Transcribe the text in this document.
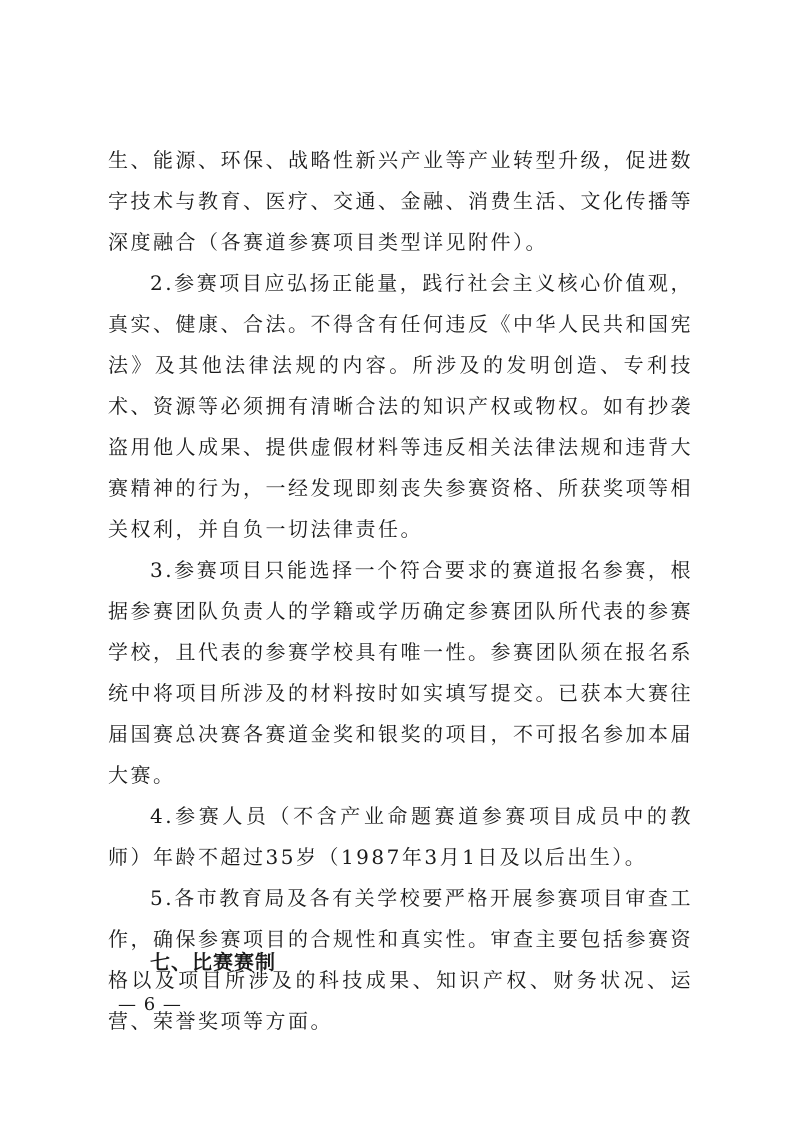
生、能源、环保、战略性新兴产业等产业转型升级，促进数字技术与教育、医疗、交通、金融、消费生活、文化传播等深度融合（各赛道参赛项目类型详见附件）。

2.参赛项目应弘扬正能量，践行社会主义核心价值观，真实、健康、合法。不得含有任何违反《中华人民共和国宪法》及其他法律法规的内容。所涉及的发明创造、专利技术、资源等必须拥有清晰合法的知识产权或物权。如有抄袭盗用他人成果、提供虚假材料等违反相关法律法规和违背大赛精神的行为，一经发现即刻丧失参赛资格、所获奖项等相关权利，并自负一切法律责任。

3.参赛项目只能选择一个符合要求的赛道报名参赛，根据参赛团队负责人的学籍或学历确定参赛团队所代表的参赛学校，且代表的参赛学校具有唯一性。参赛团队须在报名系统中将项目所涉及的材料按时如实填写提交。已获本大赛往届国赛总决赛各赛道金奖和银奖的项目，不可报名参加本届大赛。

4.参赛人员（不含产业命题赛道参赛项目成员中的教师）年龄不超过35岁（1987年3月1日及以后出生）。

5.各市教育局及各有关学校要严格开展参赛项目审查工作，确保参赛项目的合规性和真实性。审查主要包括参赛资格以及项目所涉及的科技成果、知识产权、财务状况、运营、荣誉奖项等方面。

七、比赛赛制
— 6 —
